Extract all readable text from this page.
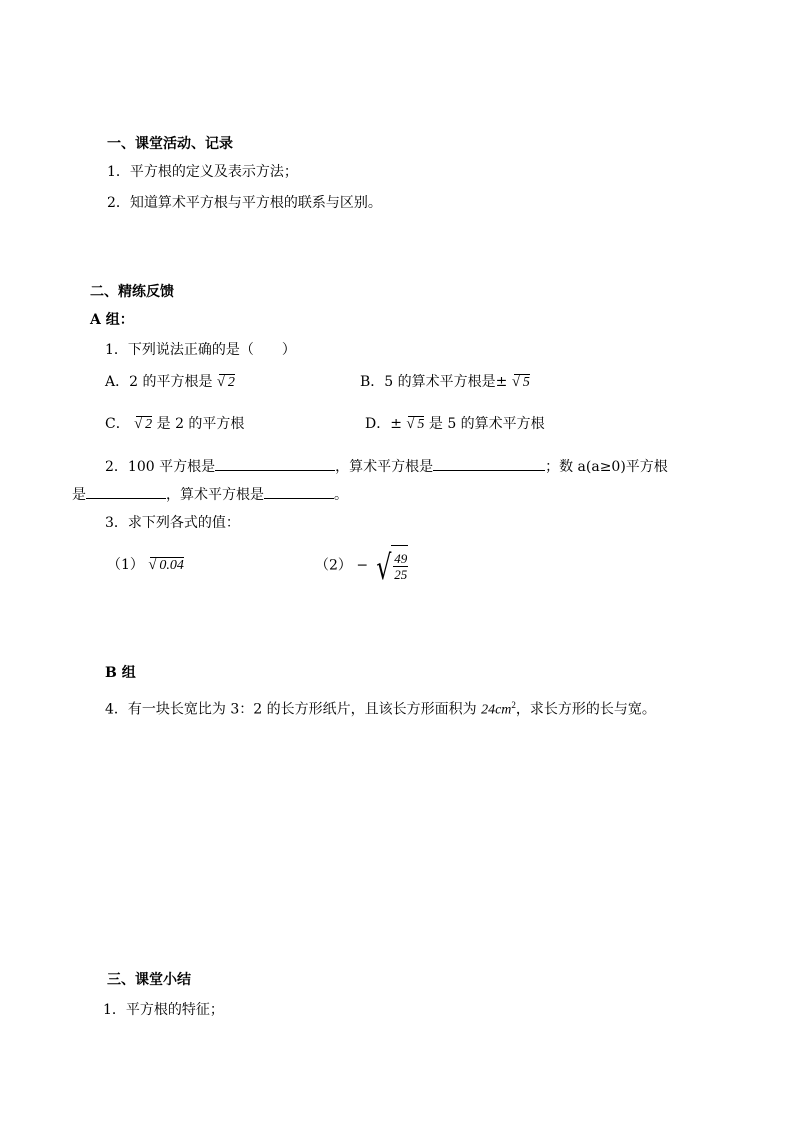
一、课堂活动、记录
1．平方根的定义及表示方法；
2．知道算术平方根与平方根的联系与区别。
二、精练反馈
A 组：
1．下列说法正确的是（　　）
A．2 的平方根是 √ 2	B．5 的算术平方根是± √ 5
C． √ 2 是 2 的平方根	D．± √ 5 是 5 的算术平方根
2．100 平方根是	，算术平方根是	；数 a(a≥0)平方根
是	，算术平方根是	。
3．求下列各式的值：
（1） √ 0.04	（2） − √ $\frac{49}{25}$
B 组
4．有一块长宽比为 3：2 的长方形纸片，且该长方形面积为 $24cm^2$，求长方形的长与宽。
三、课堂小结
1．平方根的特征；
